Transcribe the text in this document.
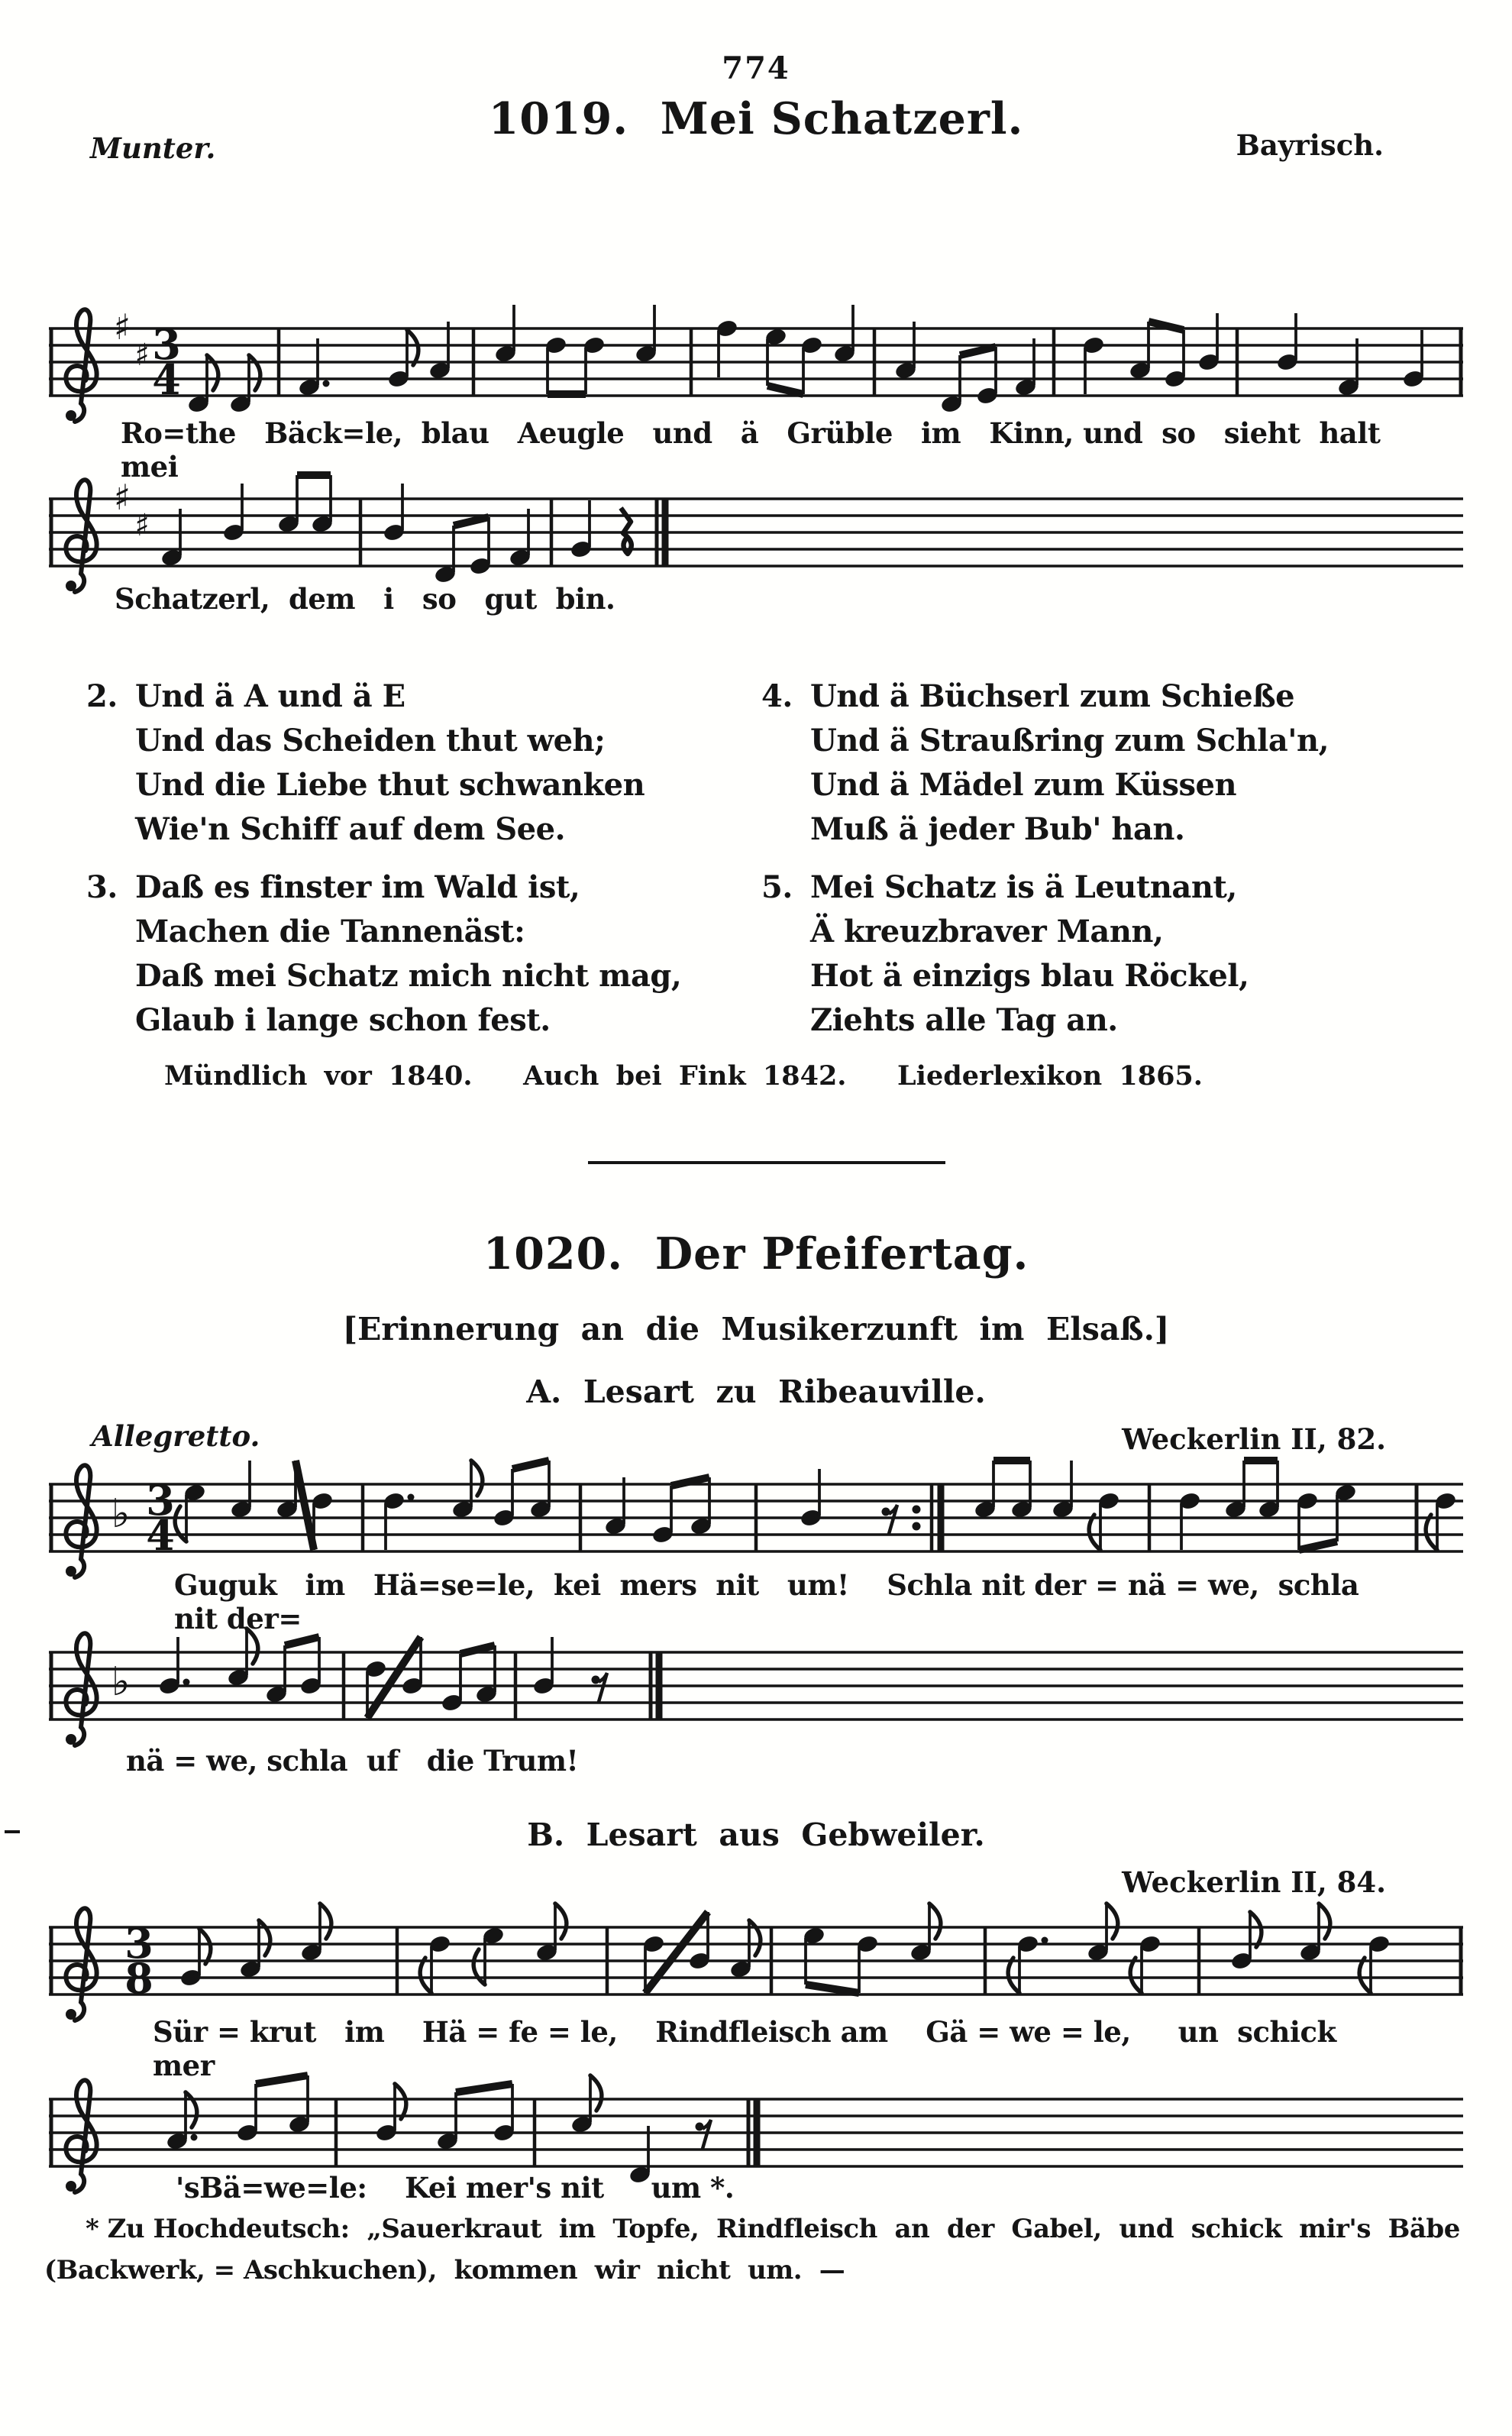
774
1019.  Mei Schatzerl.
Munter.	Bayrisch.
♯
♯ 3
4
Ro=the   Bäck=le,  blau   Aeugle   und   ä   Grüble   im   Kinn, und  so   sieht  halt  mei
♯
♯
Schatzerl,  dem   i   so   gut  bin.
2. Und ä A und ä E
Und das Scheiden thut weh;
Und die Liebe thut schwanken
Wie'n Schiff auf dem See.
3. Daß es finster im Wald ist,
Machen die Tannenäst:
Daß mei Schatz mich nicht mag,
Glaub i lange schon fest.
4. Und ä Büchserl zum Schieße
Und ä Straußring zum Schla'n,
Und ä Mädel zum Küssen
Muß ä jeder Bub' han.
5. Mei Schatz is ä Leutnant,
Ä kreuzbraver Mann,
Hot ä einzigs blau Röckel,
Ziehts alle Tag an.
Mündlich vor 1840.   Auch bei Fink 1842.   Liederlexikon 1865.
1020.  Der Pfeifertag.
[Erinnerung  an  die  Musikerzunft  im  Elsaß.]
A.  Lesart  zu  Ribeauville.
Allegretto.	Weckerlin II, 82.
♭ 3
4
Guguk   im   Hä=se=le,  kei  mers  nit   um!    Schla nit der = nä = we,  schla nit der=
♭
nä = we, schla  uf   die Trum!
B.  Lesart  aus  Gebweiler.
Weckerlin II, 84.
3
8
Sür = krut   im    Hä = fe = le,    Rindfleisch am    Gä = we = le,     un  schick mer
'sBä=we=le:    Kei mer's nit     um *.
* Zu Hochdeutsch:  „Sauerkraut  im  Topfe,  Rindfleisch  an  der  Gabel,  und  schick  mir's  Bäbe
(Backwerk, = Aschkuchen),  kommen  wir  nicht  um.  —
